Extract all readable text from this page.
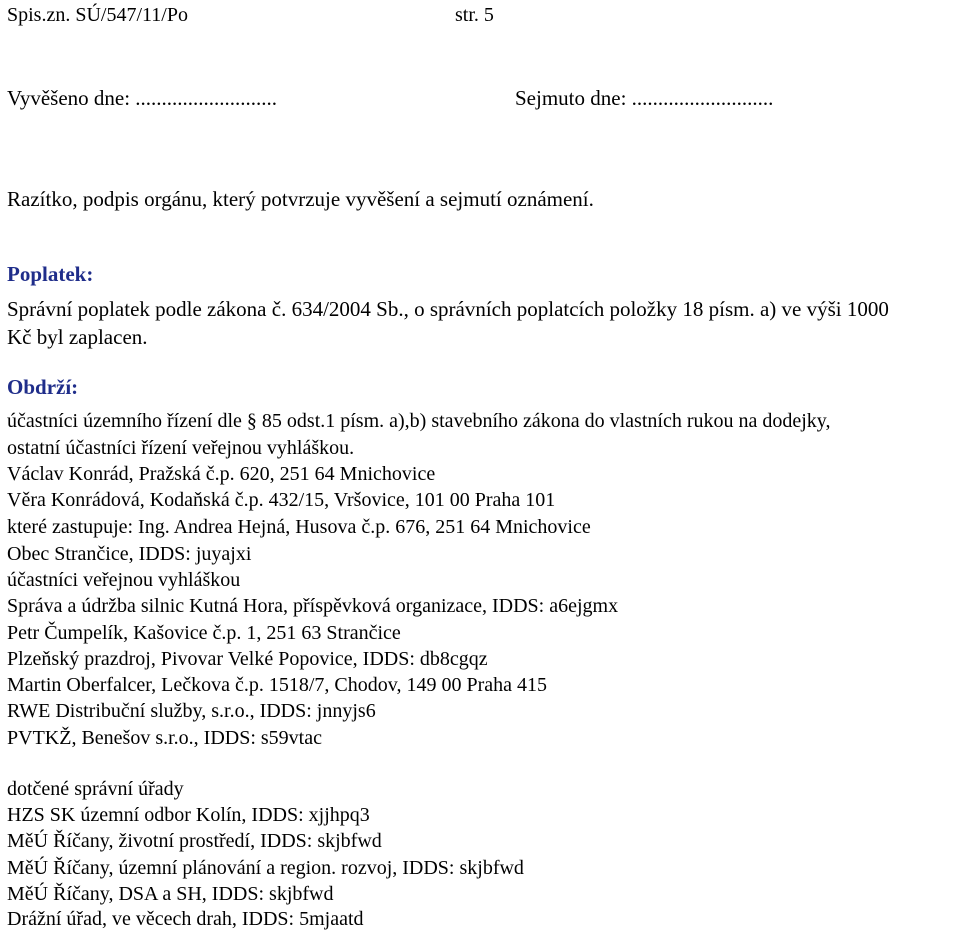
Spis.zn. SÚ/547/11/Po	str. 5
Vyvěšeno dne: ...........................	Sejmuto dne: ...........................
Razítko, podpis orgánu, který potvrzuje vyvěšení a sejmutí oznámení.
Poplatek:
Správní poplatek podle zákona č. 634/2004 Sb., o správních poplatcích položky 18 písm. a) ve výši 1000
Kč byl zaplacen.
Obdrží:
účastníci územního řízení dle § 85 odst.1 písm. a),b) stavebního zákona do vlastních rukou na dodejky,
ostatní účastníci řízení veřejnou vyhláškou.
Václav Konrád, Pražská č.p. 620, 251 64 Mnichovice
Věra Konrádová, Kodaňská č.p. 432/15, Vršovice, 101 00 Praha 101
které zastupuje: Ing. Andrea Hejná, Husova č.p. 676, 251 64 Mnichovice
Obec Strančice, IDDS: juyajxi
účastníci veřejnou vyhláškou
Správa a údržba silnic Kutná Hora, příspěvková organizace, IDDS: a6ejgmx
Petr Čumpelík, Kašovice č.p. 1, 251 63 Strančice
Plzeňský prazdroj, Pivovar Velké Popovice, IDDS: db8cgqz
Martin Oberfalcer, Lečkova č.p. 1518/7, Chodov, 149 00 Praha 415
RWE Distribuční služby, s.r.o., IDDS: jnnyjs6
PVTKŽ, Benešov s.r.o., IDDS: s59vtac
dotčené správní úřady
HZS SK územní odbor Kolín, IDDS: xjjhpq3
MěÚ Říčany, životní prostředí, IDDS: skjbfwd
MěÚ Říčany, územní plánování a region. rozvoj, IDDS: skjbfwd
MěÚ Říčany, DSA a SH, IDDS: skjbfwd
Drážní úřad, ve věcech drah, IDDS: 5mjaatd
